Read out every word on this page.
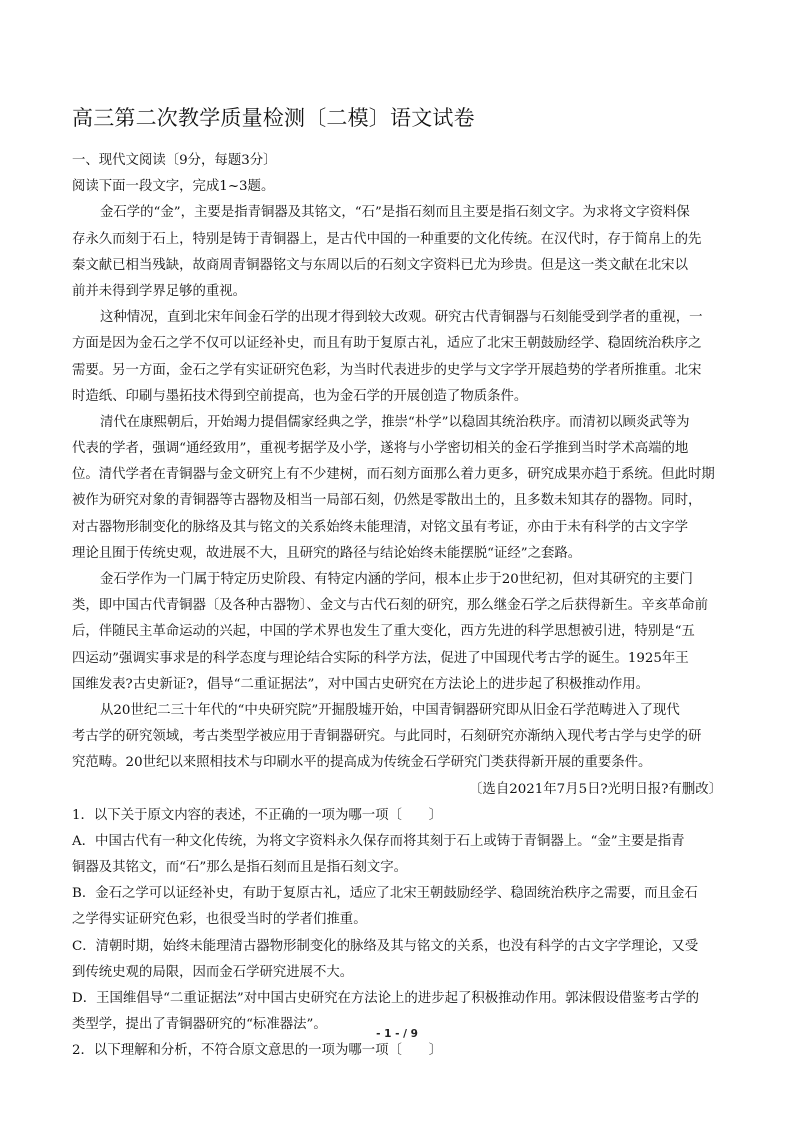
高三第二次教学质量检测〔二模〕语文试卷
一、现代文阅读〔9分，每题3分〕
阅读下面一段文字，完成1~3题。
金石学的“金”，主要是指青铜器及其铭文，“石”是指石刻而且主要是指石刻文字。为求将文字资料保
存永久而刻于石上，特别是铸于青铜器上，是古代中国的一种重要的文化传统。在汉代时，存于简帛上的先
秦文献已相当残缺，故商周青铜器铭文与东周以后的石刻文字资料已尤为珍贵。但是这一类文献在北宋以
前并未得到学界足够的重视。
这种情况，直到北宋年间金石学的出现才得到较大改观。研究古代青铜器与石刻能受到学者的重视，一
方面是因为金石之学不仅可以证经补史，而且有助于复原古礼，适应了北宋王朝鼓励经学、稳固统治秩序之
需要。另一方面，金石之学有实证研究色彩，为当时代表进步的史学与文字学开展趋势的学者所推重。北宋
时造纸、印刷与墨拓技术得到空前提高，也为金石学的开展创造了物质条件。
清代在康熙朝后，开始竭力提倡儒家经典之学，推崇“朴学”以稳固其统治秩序。而清初以顾炎武等为
代表的学者，强调“通经致用”，重视考据学及小学，遂将与小学密切相关的金石学推到当时学术高端的地
位。清代学者在青铜器与金文研究上有不少建树，而石刻方面那么着力更多，研究成果亦趋于系统。但此时期
被作为研究对象的青铜器等古器物及相当一局部石刻，仍然是零散出土的，且多数未知其存的器物。同时，
对古器物形制变化的脉络及其与铭文的关系始终未能理清，对铭文虽有考证，亦由于未有科学的古文字学
理论且囿于传统史观，故进展不大，且研究的路径与结论始终未能摆脱“证经”之套路。
金石学作为一门属于特定历史阶段、有特定内涵的学问，根本止步于20世纪初，但对其研究的主要门
类，即中国古代青铜器〔及各种古器物〕、金文与古代石刻的研究，那么继金石学之后获得新生。辛亥革命前
后，伴随民主革命运动的兴起，中国的学术界也发生了重大变化，西方先进的科学思想被引进，特别是“五
四运动”强调实事求是的科学态度与理论结合实际的科学方法，促进了中国现代考古学的诞生。1925年王
国维发表?古史新证?，倡导“二重证据法”，对中国古史研究在方法论上的进步起了积极推动作用。
从20世纪二三十年代的“中央研究院”开掘殷墟开始，中国青铜器研究即从旧金石学范畴进入了现代
考古学的研究领域，考古类型学被应用于青铜器研究。与此同时，石刻研究亦渐纳入现代考古学与史学的研
究范畴。20世纪以来照相技术与印刷水平的提高成为传统金石学研究门类获得新开展的重要条件。
〔选自2021年7月5日?光明日报?有删改〕
1．以下关于原文内容的表述，不正确的一项为哪一项〔　　〕
A．中国古代有一种文化传统，为将文字资料永久保存而将其刻于石上或铸于青铜器上。“金”主要是指青
铜器及其铭文，而“石”那么是指石刻而且是指石刻文字。
B．金石之学可以证经补史，有助于复原古礼，适应了北宋王朝鼓励经学、稳固统治秩序之需要，而且金石
之学得实证研究色彩，也很受当时的学者们推重。
C．清朝时期，始终未能理清古器物形制变化的脉络及其与铭文的关系，也没有科学的古文字学理论，又受
到传统史观的局限，因而金石学研究进展不大。
D．王国维倡导“二重证据法”对中国古史研究在方法论上的进步起了积极推动作用。郭沫假设借鉴考古学的
类型学，提出了青铜器研究的“标准器法”。
2．以下理解和分析，不符合原文意思的一项为哪一项〔　　〕
- 1 - / 9
